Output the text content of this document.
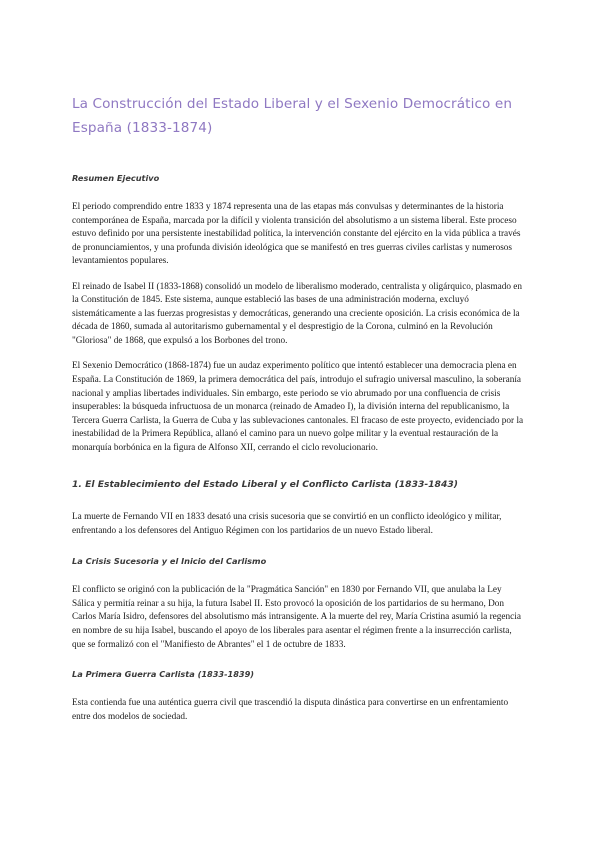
La Construcción del Estado Liberal y el Sexenio Democrático en España (1833-1874)
Resumen Ejecutivo

El periodo comprendido entre 1833 y 1874 representa una de las etapas más convulsas y determinantes de la historia contemporánea de España, marcada por la difícil y violenta transición del absolutismo a un sistema liberal. Este proceso estuvo definido por una persistente inestabilidad política, la intervención constante del ejército en la vida pública a través de pronunciamientos, y una profunda división ideológica que se manifestó en tres guerras civiles carlistas y numerosos levantamientos populares.

El reinado de Isabel II (1833-1868) consolidó un modelo de liberalismo moderado, centralista y oligárquico, plasmado en la Constitución de 1845. Este sistema, aunque estableció las bases de una administración moderna, excluyó sistemáticamente a las fuerzas progresistas y democráticas, generando una creciente oposición. La crisis económica de la década de 1860, sumada al autoritarismo gubernamental y el desprestigio de la Corona, culminó en la Revolución "Gloriosa" de 1868, que expulsó a los Borbones del trono.

El Sexenio Democrático (1868-1874) fue un audaz experimento político que intentó establecer una democracia plena en España. La Constitución de 1869, la primera democrática del país, introdujo el sufragio universal masculino, la soberanía nacional y amplias libertades individuales. Sin embargo, este periodo se vio abrumado por una confluencia de crisis insuperables: la búsqueda infructuosa de un monarca (reinado de Amadeo I), la división interna del republicanismo, la Tercera Guerra Carlista, la Guerra de Cuba y las sublevaciones cantonales. El fracaso de este proyecto, evidenciado por la inestabilidad de la Primera República, allanó el camino para un nuevo golpe militar y la eventual restauración de la monarquía borbónica en la figura de Alfonso XII, cerrando el ciclo revolucionario.

1. El Establecimiento del Estado Liberal y el Conflicto Carlista (1833-1843)

La muerte de Fernando VII en 1833 desató una crisis sucesoria que se convirtió en un conflicto ideológico y militar, enfrentando a los defensores del Antiguo Régimen con los partidarios de un nuevo Estado liberal.

La Crisis Sucesoria y el Inicio del Carlismo

El conflicto se originó con la publicación de la "Pragmática Sanción" en 1830 por Fernando VII, que anulaba la Ley Sálica y permitía reinar a su hija, la futura Isabel II. Esto provocó la oposición de los partidarios de su hermano, Don Carlos María Isidro, defensores del absolutismo más intransigente. A la muerte del rey, María Cristina asumió la regencia en nombre de su hija Isabel, buscando el apoyo de los liberales para asentar el régimen frente a la insurrección carlista, que se formalizó con el "Manifiesto de Abrantes" el 1 de octubre de 1833.

La Primera Guerra Carlista (1833-1839)

Esta contienda fue una auténtica guerra civil que trascendió la disputa dinástica para convertirse en un enfrentamiento entre dos modelos de sociedad.
